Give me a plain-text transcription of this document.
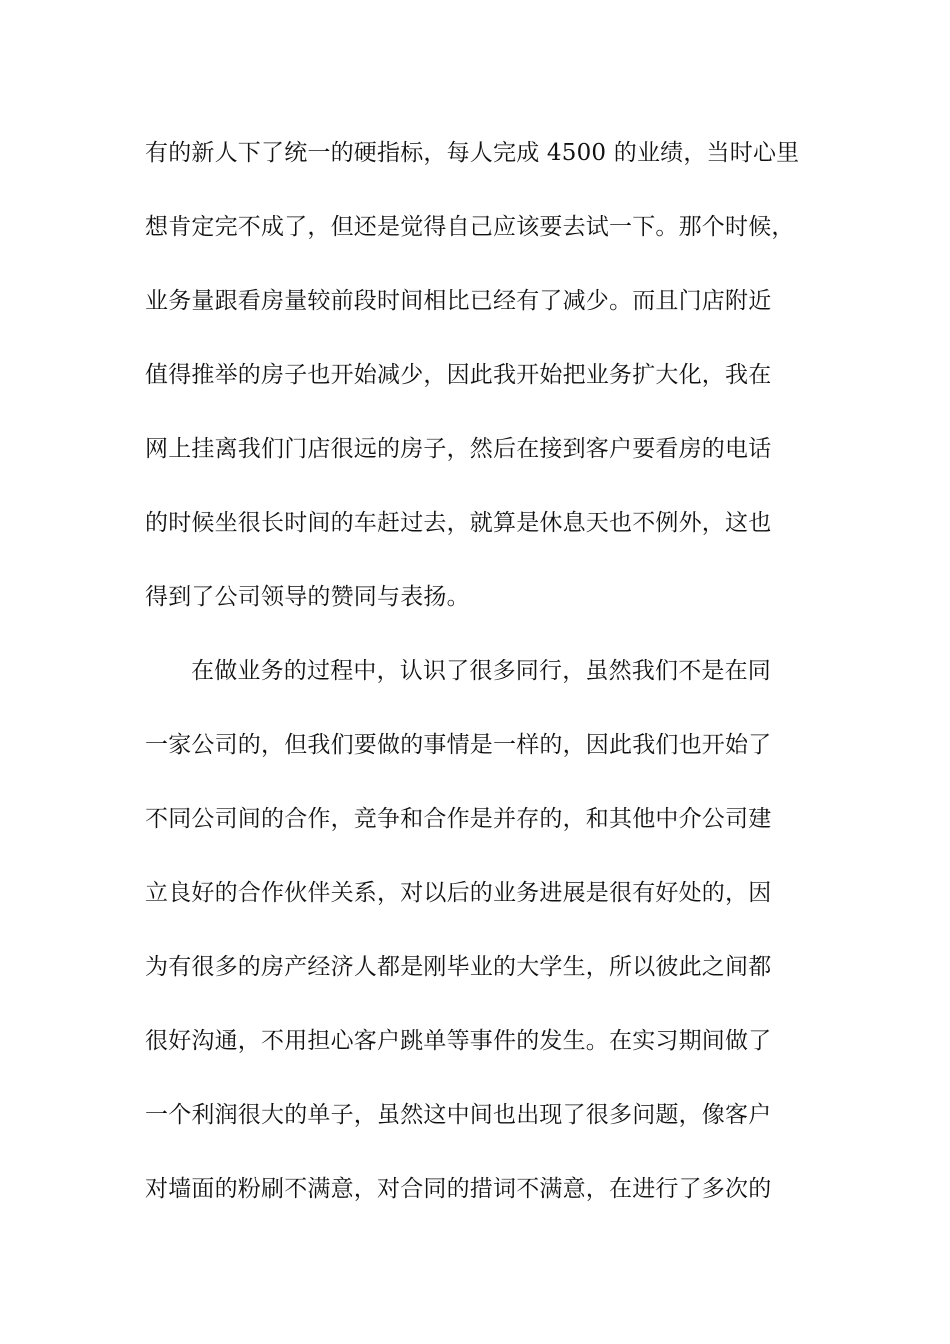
有的新人下了统一的硬指标，每人完成 4500 的业绩，当时心里
想肯定完不成了，但还是觉得自己应该要去试一下。那个时候，
业务量跟看房量较前段时间相比已经有了减少。而且门店附近
值得推举的房子也开始减少，因此我开始把业务扩大化，我在
网上挂离我们门店很远的房子，然后在接到客户要看房的电话
的时候坐很长时间的车赶过去，就算是休息天也不例外，这也
得到了公司领导的赞同与表扬。
在做业务的过程中，认识了很多同行，虽然我们不是在同
一家公司的，但我们要做的事情是一样的，因此我们也开始了
不同公司间的合作，竞争和合作是并存的，和其他中介公司建
立良好的合作伙伴关系，对以后的业务进展是很有好处的，因
为有很多的房产经济人都是刚毕业的大学生，所以彼此之间都
很好沟通，不用担心客户跳单等事件的发生。在实习期间做了
一个利润很大的单子，虽然这中间也出现了很多问题，像客户
对墙面的粉刷不满意，对合同的措词不满意，在进行了多次的
